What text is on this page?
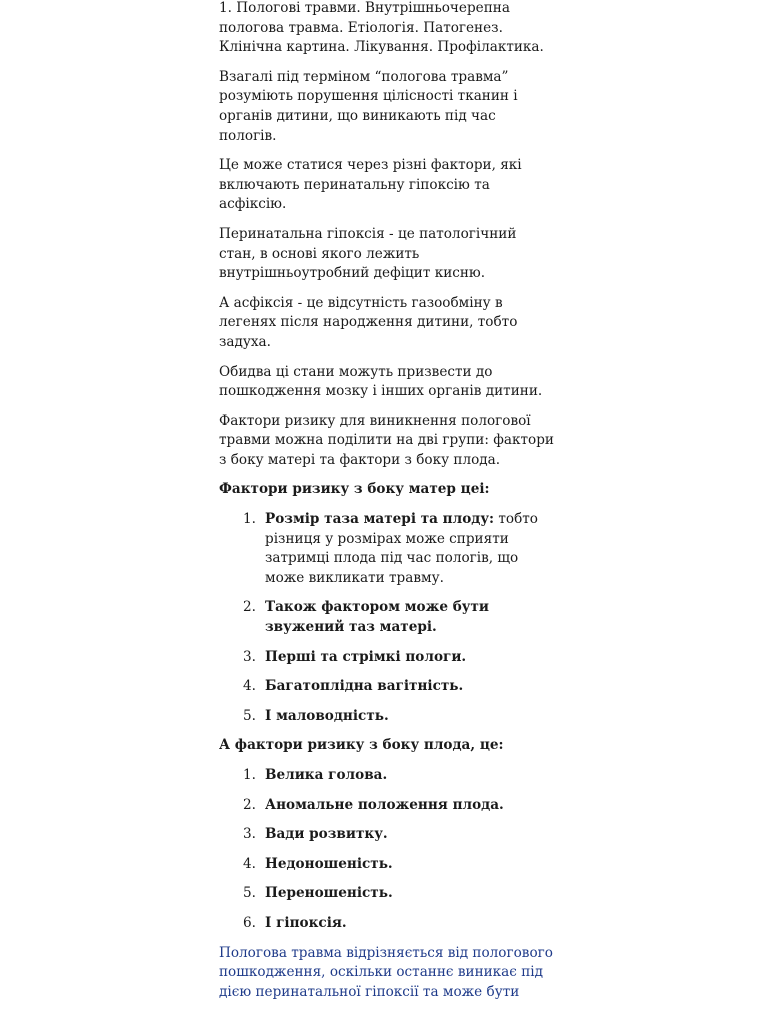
1. Пологові травми. Внутрішньочерепна пологова травма. Етіологія. Патогенез. Клінічна картина. Лікування. Профілактика.

Взагалі під терміном “пологова травма” розуміють порушення цілісності тканин і органів дитини, що виникають під час пологів.

Це може статися через різні фактори, які включають перинатальну гіпоксію та асфіксію.

Перинатальна гіпоксія - це патологічний стан, в основі якого лежить внутрішньоутробний дефіцит кисню.

А асфіксія - це відсутність газообміну в легенях після народження дитини, тобто задуха.

Обидва ці стани можуть призвести до пошкодження мозку і інших органів дитини.

Фактори ризику для виникнення пологової травми можна поділити на дві групи: фактори з боку матері та фактори з боку плода.

Фактори ризику з боку матер цеі:

1. Розмір таза матері та плоду: тобто різниця у розмірах може сприяти затримці плода під час пологів, що може викликати травму.
2. Також фактором може бути звужений таз матері.
3. Перші та стрімкі пологи.
4. Багатоплідна вагітність.
5. І маловодність.

А фактори ризику з боку плода, це:

1. Велика голова.
2. Аномальне положення плода.
3. Вади розвитку.
4. Недоношеність.
5. Переношеність.
6. І гіпоксія.

Пологова травма відрізняється від пологового пошкодження, оскільки останнє виникає під дією перинатальної гіпоксії та може бути
